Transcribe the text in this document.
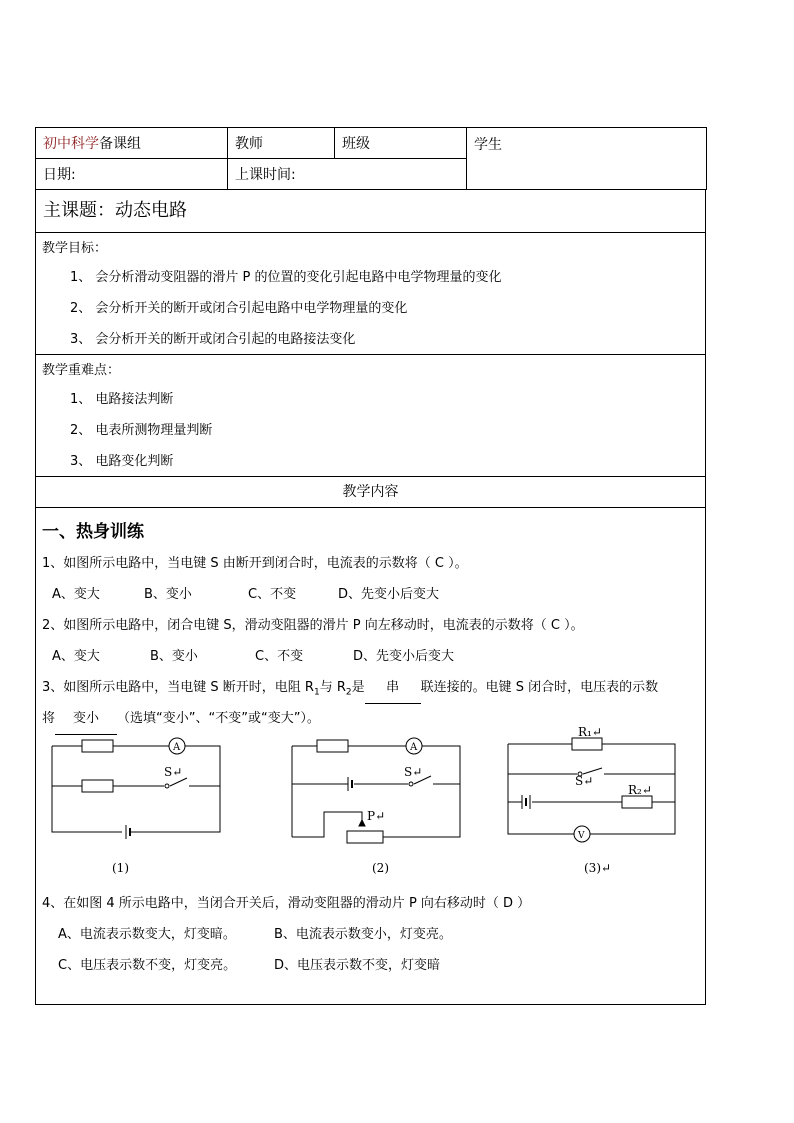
初中科学备课组	教师	班级	学生
日期:	上课时间:		
主课题：动态电路
教学目标：
1、 会分析滑动变阻器的滑片 P 的位置的变化引起电路中电学物理量的变化
2、 会分析开关的断开或闭合引起电路中电学物理量的变化
3、 会分析开关的断开或闭合引起的电路接法变化
教学重难点：
1、 电路接法判断
2、 电表所测物理量判断
3、 电路变化判断
教学内容
一、热身训练
1、如图所示电路中，当电键 S 由断开到闭合时，电流表的示数将（ C ）。
A、变大	B、变小	C、不变	D、先变小后变大
2、如图所示电路中，闭合电键 S，滑动变阻器的滑片 P 向左移动时，电流表的示数将（ C ）。
A、变大	B、变小	C、不变	D、先变小后变大
3、如图所示电路中，当电键 S 断开时，电阻 $R_1$与 $R_2$是 串 联连接的。电键 S 闭合时，电压表的示数
将 变小 （选填“变小”、“不变”或“变大”）。
A	A
V
S↵	S↵
P↵
R₁↵
S↵
R₂↵
(1)	(2)	(3)↵
4、在如图 4 所示电路中，当闭合开关后，滑动变阻器的滑动片 P 向右移动时（ D ）
A、电流表示数变大，灯变暗。	B、电流表示数变小，灯变亮。
C、电压表示数不变，灯变亮。	D、电压表示数不变，灯变暗
